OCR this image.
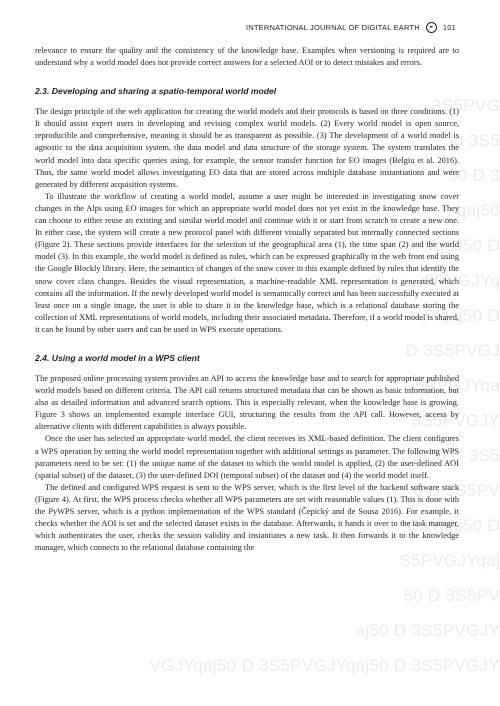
3S5PVG
ld 3S5
50 D 3
qaj50
YqaJ50 D
5PVGJYq
JYqaj50 D
D 3S5PVGJ
5PVGJYqa
3S5PVGJY
aj50 D 3S5
0 D 3S5PV
GJYqaj50 D
S5PVGJYqaj
50 D 3S5PV
aj50 D 3S5PVGJY
VGJYqaj50 D 3S5PVGJYqaj50 D 3S5PVGJY
INTERNATIONAL JOURNAL OF DIGITAL EARTH	◒	101

relevance to ensure the quality and the consistency of the knowledge base. Examples when versioning is required are to understand why a world model does not provide correct answers for a selected AOI or to detect mistakes and errors.

2.3. Developing and sharing a spatio-temporal world model

The design principle of the web application for creating the world models and their protocols is based on three conditions. (1) It should assist expert users in developing and revising complex world models. (2) Every world model is open source, reproducible and comprehensive, meaning it should be as transparent as possible. (3) The development of a world model is agnostic to the data acquisition system, the data model and data structure of the storage system. The system translates the world model into data specific queries using, for example, the sensor transfer function for EO images (Belgiu et al. 2016). Thus, the same world model allows investigating EO data that are stored across multiple database instantiations and were generated by different acquisition systems.

To illustrate the workflow of creating a world model, assume a user might be interested in investigating snow cover changes in the Alps using EO images for which an appropriate world model does not yet exist in the knowledge base. They can choose to either reuse an existing and similar world model and continue with it or start from scratch to create a new one. In either case, the system will create a new protocol panel with different visually separated but internally connected sections (Figure 2). These sections provide interfaces for the selection of the geographical area (1), the time span (2) and the world model (3). In this example, the world model is defined as rules, which can be expressed graphically in the web front end using the Google Blockly library. Here, the semantics of changes of the snow cover in this example defined by rules that identify the snow cover class changes. Besides the visual representation, a machine-readable XML representation is generated, which contains all the information. If the newly developed world model is semantically correct and has been successfully executed at least once on a single image, the user is able to share it in the knowledge base, which is a relational database storing the collection of XML representations of world models, including their associated metadata. Therefore, if a world model is shared, it can be found by other users and can be used in WPS execute operations.

2.4. Using a world model in a WPS client

The proposed online processing system provides an API to access the knowledge base and to search for appropriate published world models based on different criteria. The API call returns structured metadata that can be shown as basic information, but also as detailed information and advanced search options. This is especially relevant, when the knowledge base is growing. Figure 3 shows an implemented example interface GUI, structuring the results from the API call. However, access by alternative clients with different capabilities is always possible.

Once the user has selected an appropriate world model, the client receives its XML-based definition. The client configures a WPS operation by setting the world model representation together with additional settings as parameter. The following WPS parameters need to be set: (1) the unique name of the dataset to which the world model is applied, (2) the user-defined AOI (spatial subset) of the dataset, (3) the user-defined DOI (temporal subset) of the dataset and (4) the world model itself.

The defined and configured WPS request is sent to the WPS server, which is the first level of the backend software stack (Figure 4). At first, the WPS process checks whether all WPS parameters are set with reasonable values (1). This is done with the PyWPS server, which is a python implementation of the WPS standard (Čepický and de Sousa 2016). For example, it checks whether the AOI is set and the selected dataset exists in the database. Afterwards, it hands it over to the task manager, which authenticates the user, checks the session validity and instantiates a new task. It then forwards it to the knowledge manager, which connects to the relational database containing the
